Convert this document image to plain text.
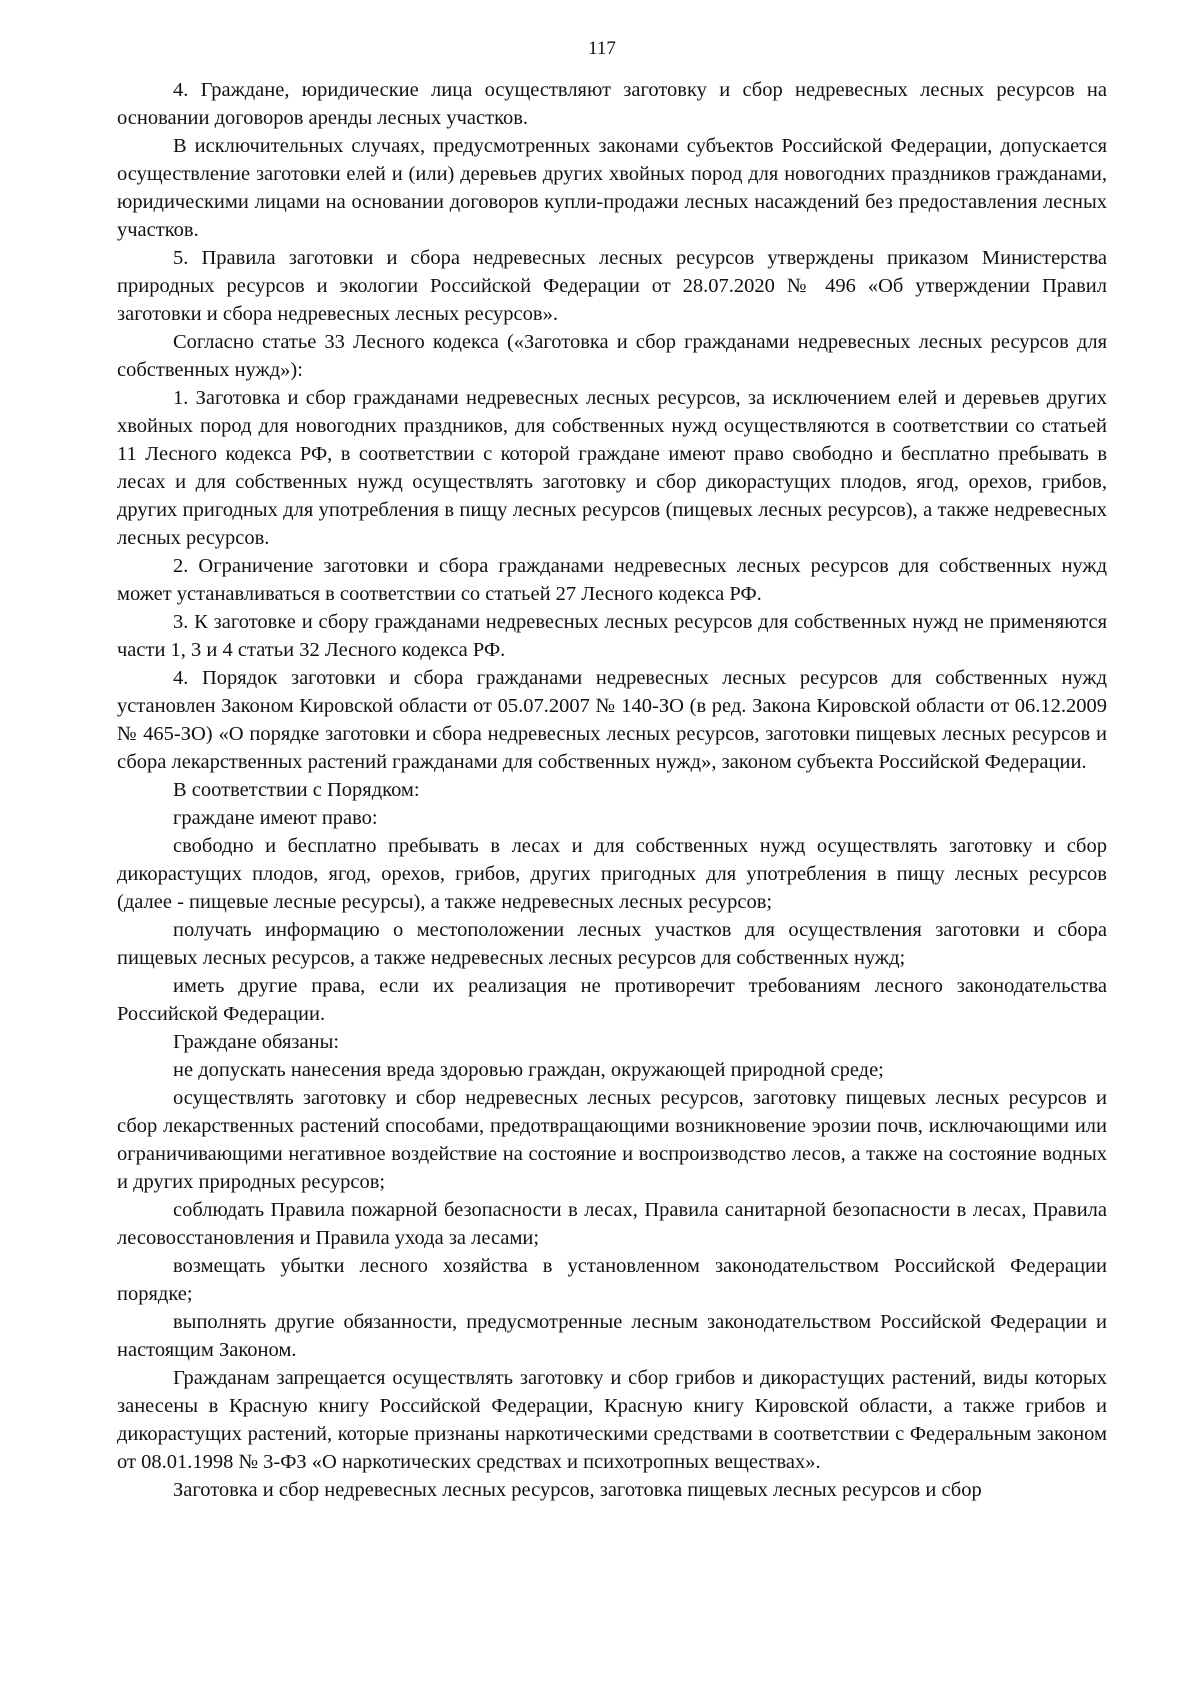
117

4. Граждане, юридические лица осуществляют заготовку и сбор недревесных лесных ресурсов на основании договоров аренды лесных участков.

В исключительных случаях, предусмотренных законами субъектов Российской Федерации, допускается осуществление заготовки елей и (или) деревьев других хвойных пород для новогодних праздников гражданами, юридическими лицами на основании договоров купли-продажи лесных насаждений без предоставления лесных участков.

5. Правила заготовки и сбора недревесных лесных ресурсов утверждены приказом Министерства природных ресурсов и экологии Российской Федерации от 28.07.2020 № 496 «Об утверждении Правил заготовки и сбора недревесных лесных ресурсов».

Согласно статье 33 Лесного кодекса («Заготовка и сбор гражданами недревесных лесных ресурсов для собственных нужд»):

1. Заготовка и сбор гражданами недревесных лесных ресурсов, за исключением елей и деревьев других хвойных пород для новогодних праздников, для собственных нужд осуществляются в соответствии со статьей 11 Лесного кодекса РФ, в соответствии с которой граждане имеют право свободно и бесплатно пребывать в лесах и для собственных нужд осуществлять заготовку и сбор дикорастущих плодов, ягод, орехов, грибов, других пригодных для употребления в пищу лесных ресурсов (пищевых лесных ресурсов), а также недревесных лесных ресурсов.

2. Ограничение заготовки и сбора гражданами недревесных лесных ресурсов для собственных нужд может устанавливаться в соответствии со статьей 27 Лесного кодекса РФ.

3. К заготовке и сбору гражданами недревесных лесных ресурсов для собственных нужд не применяются части 1, 3 и 4 статьи 32 Лесного кодекса РФ.

4. Порядок заготовки и сбора гражданами недревесных лесных ресурсов для собственных нужд установлен Законом Кировской области от 05.07.2007 № 140-ЗО (в ред. Закона Кировской области от 06.12.2009 № 465-ЗО) «О порядке заготовки и сбора недревесных лесных ресурсов, заготовки пищевых лесных ресурсов и сбора лекарственных растений гражданами для собственных нужд», законом субъекта Российской Федерации.

В соответствии с Порядком:

граждане имеют право:

свободно и бесплатно пребывать в лесах и для собственных нужд осуществлять заготовку и сбор дикорастущих плодов, ягод, орехов, грибов, других пригодных для употребления в пищу лесных ресурсов (далее - пищевые лесные ресурсы), а также недревесных лесных ресурсов;

получать информацию о местоположении лесных участков для осуществления заготовки и сбора пищевых лесных ресурсов, а также недревесных лесных ресурсов для собственных нужд;

иметь другие права, если их реализация не противоречит требованиям лесного законодательства Российской Федерации.

Граждане обязаны:

не допускать нанесения вреда здоровью граждан, окружающей природной среде;

осуществлять заготовку и сбор недревесных лесных ресурсов, заготовку пищевых лесных ресурсов и сбор лекарственных растений способами, предотвращающими возникновение эрозии почв, исключающими или ограничивающими негативное воздействие на состояние и воспроизводство лесов, а также на состояние водных и других природных ресурсов;

соблюдать Правила пожарной безопасности в лесах, Правила санитарной безопасности в лесах, Правила лесовосстановления и Правила ухода за лесами;

возмещать убытки лесного хозяйства в установленном законодательством Российской Федерации порядке;

выполнять другие обязанности, предусмотренные лесным законодательством Российской Федерации и настоящим Законом.

Гражданам запрещается осуществлять заготовку и сбор грибов и дикорастущих растений, виды которых занесены в Красную книгу Российской Федерации, Красную книгу Кировской области, а также грибов и дикорастущих растений, которые признаны наркотическими средствами в соответствии с Федеральным законом от 08.01.1998 № 3-ФЗ «О наркотических средствах и психотропных веществах».

Заготовка и сбор недревесных лесных ресурсов, заготовка пищевых лесных ресурсов и сбор
